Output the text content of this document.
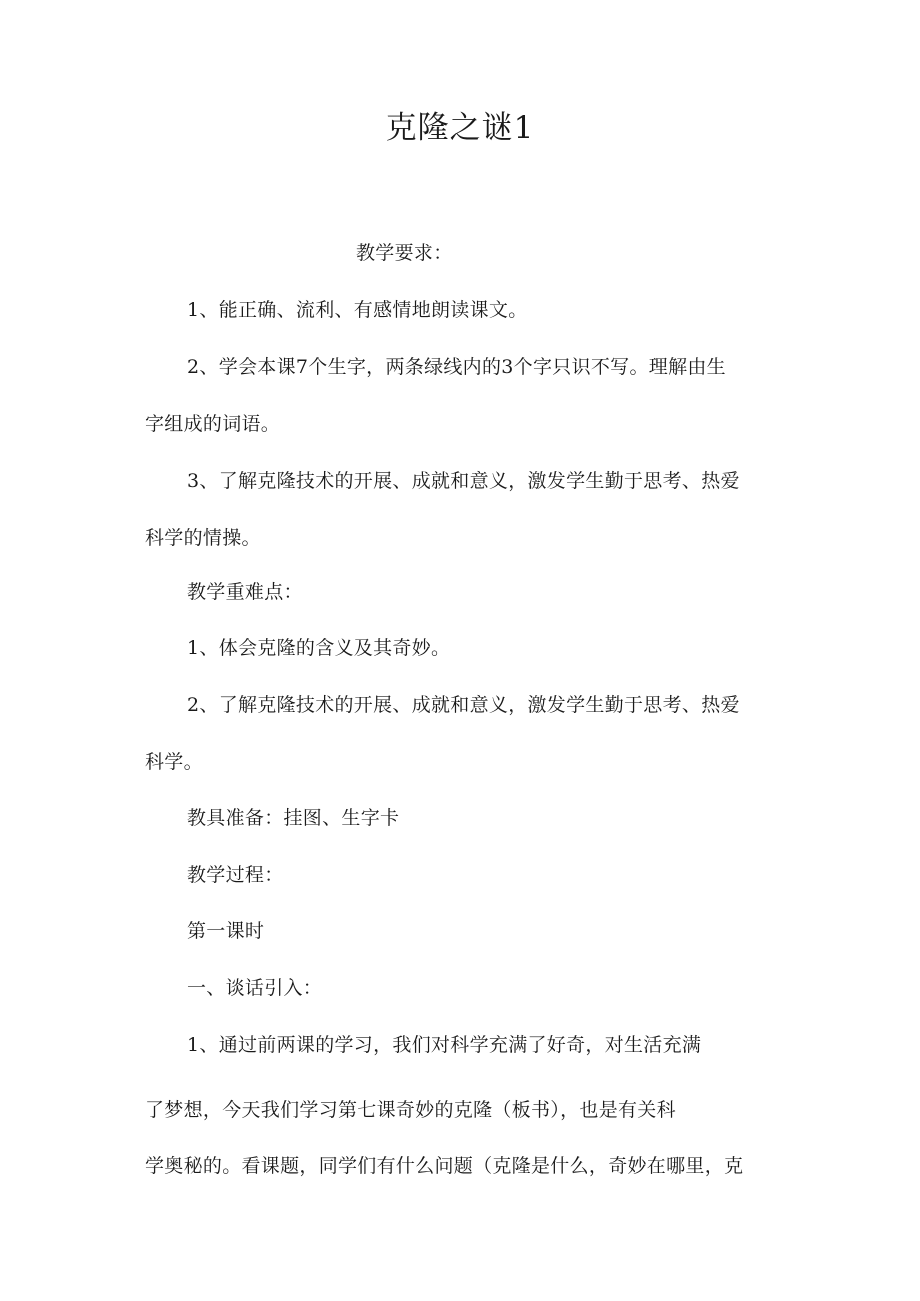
克隆之谜1
教学要求：
1、能正确、流利、有感情地朗读课文。
2、学会本课7个生字，两条绿线内的3个字只识不写。理解由生
字组成的词语。
3、了解克隆技术的开展、成就和意义，激发学生勤于思考、热爱
科学的情操。
教学重难点：
1、体会克隆的含义及其奇妙。
2、了解克隆技术的开展、成就和意义，激发学生勤于思考、热爱
科学。
教具准备：挂图、生字卡
教学过程：
第一课时
一、谈话引入：
1、通过前两课的学习，我们对科学充满了好奇，对生活充满
了梦想，今天我们学习第七课奇妙的克隆（板书），也是有关科
学奥秘的。看课题，同学们有什么问题（克隆是什么，奇妙在哪里，克
